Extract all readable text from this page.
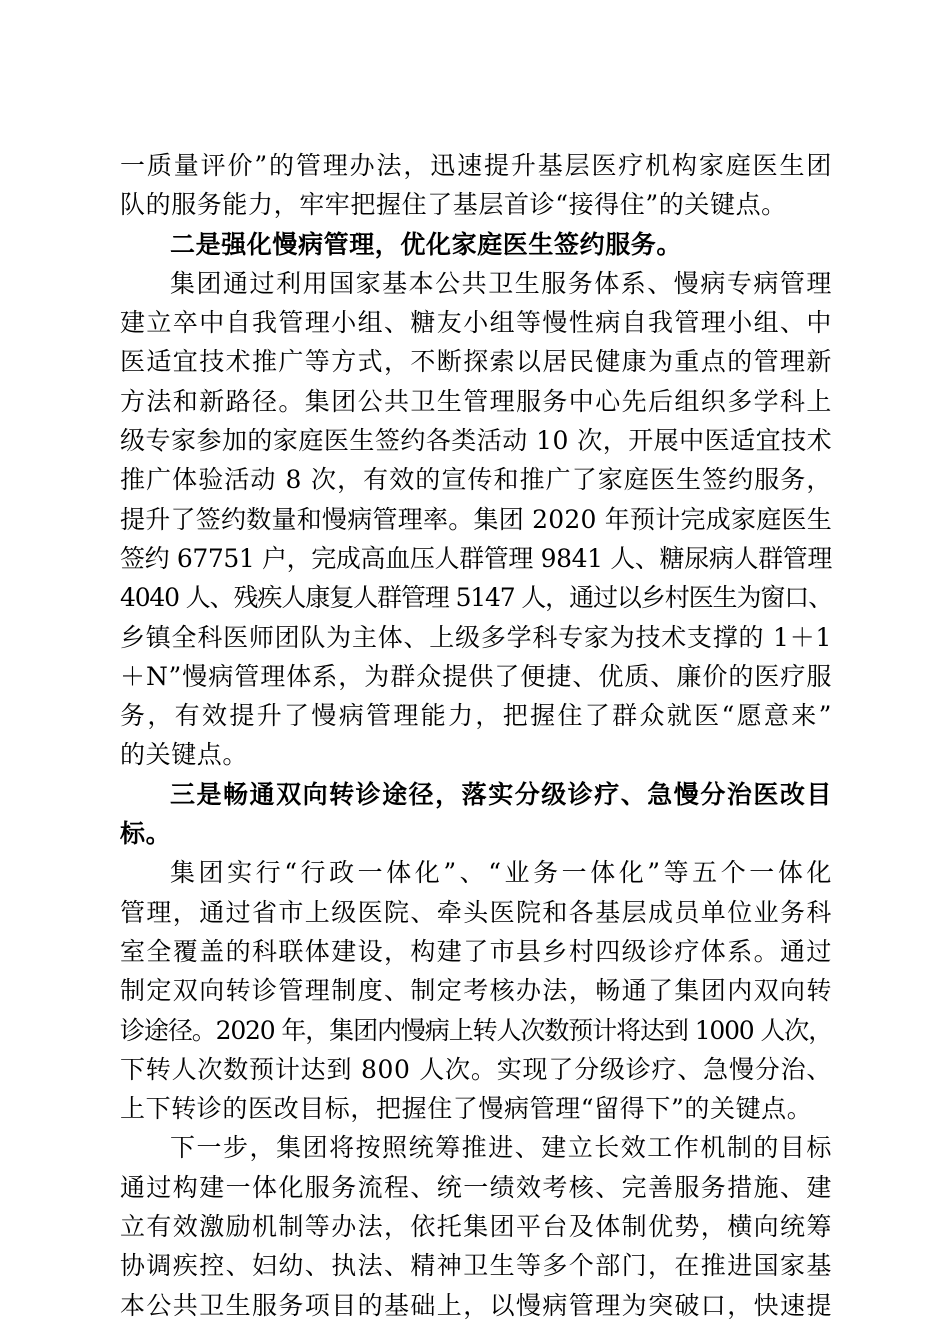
一质量评价”的管理办法，迅速提升基层医疗机构家庭医生团
队的服务能力，牢牢把握住了基层首诊“接得住”的关键点。
二是强化慢病管理，优化家庭医生签约服务。
集团通过利用国家基本公共卫生服务体系、慢病专病管理
建立卒中自我管理小组、糖友小组等慢性病自我管理小组、中
医适宜技术推广等方式，不断探索以居民健康为重点的管理新
方法和新路径。集团公共卫生管理服务中心先后组织多学科上
级专家参加的家庭医生签约各类活动 10 次，开展中医适宜技术
推广体验活动 8 次，有效的宣传和推广了家庭医生签约服务，
提升了签约数量和慢病管理率。集团 2020 年预计完成家庭医生
签约 67751 户，完成高血压人群管理 9841 人、糖尿病人群管理
4040 人、残疾人康复人群管理 5147 人，通过以乡村医生为窗口、
乡镇全科医师团队为主体、上级多学科专家为技术支撑的 1＋1
＋N”慢病管理体系，为群众提供了便捷、优质、廉价的医疗服
务，有效提升了慢病管理能力，把握住了群众就医“愿意来”
的关键点。
三是畅通双向转诊途径，落实分级诊疗、急慢分治医改目
标。
集团实行“行政一体化”、“业务一体化”等五个一体化
管理，通过省市上级医院、牵头医院和各基层成员单位业务科
室全覆盖的科联体建设，构建了市县乡村四级诊疗体系。通过
制定双向转诊管理制度、制定考核办法，畅通了集团内双向转
诊途径。2020 年，集团内慢病上转人次数预计将达到 1000 人次，
下转人次数预计达到 800 人次。实现了分级诊疗、急慢分治、
上下转诊的医改目标，把握住了慢病管理“留得下”的关键点。
下一步，集团将按照统筹推进、建立长效工作机制的目标
通过构建一体化服务流程、统一绩效考核、完善服务措施、建
立有效激励机制等办法，依托集团平台及体制优势，横向统筹
协调疾控、妇幼、执法、精神卫生等多个部门，在推进国家基
本公共卫生服务项目的基础上，以慢病管理为突破口，快速提
